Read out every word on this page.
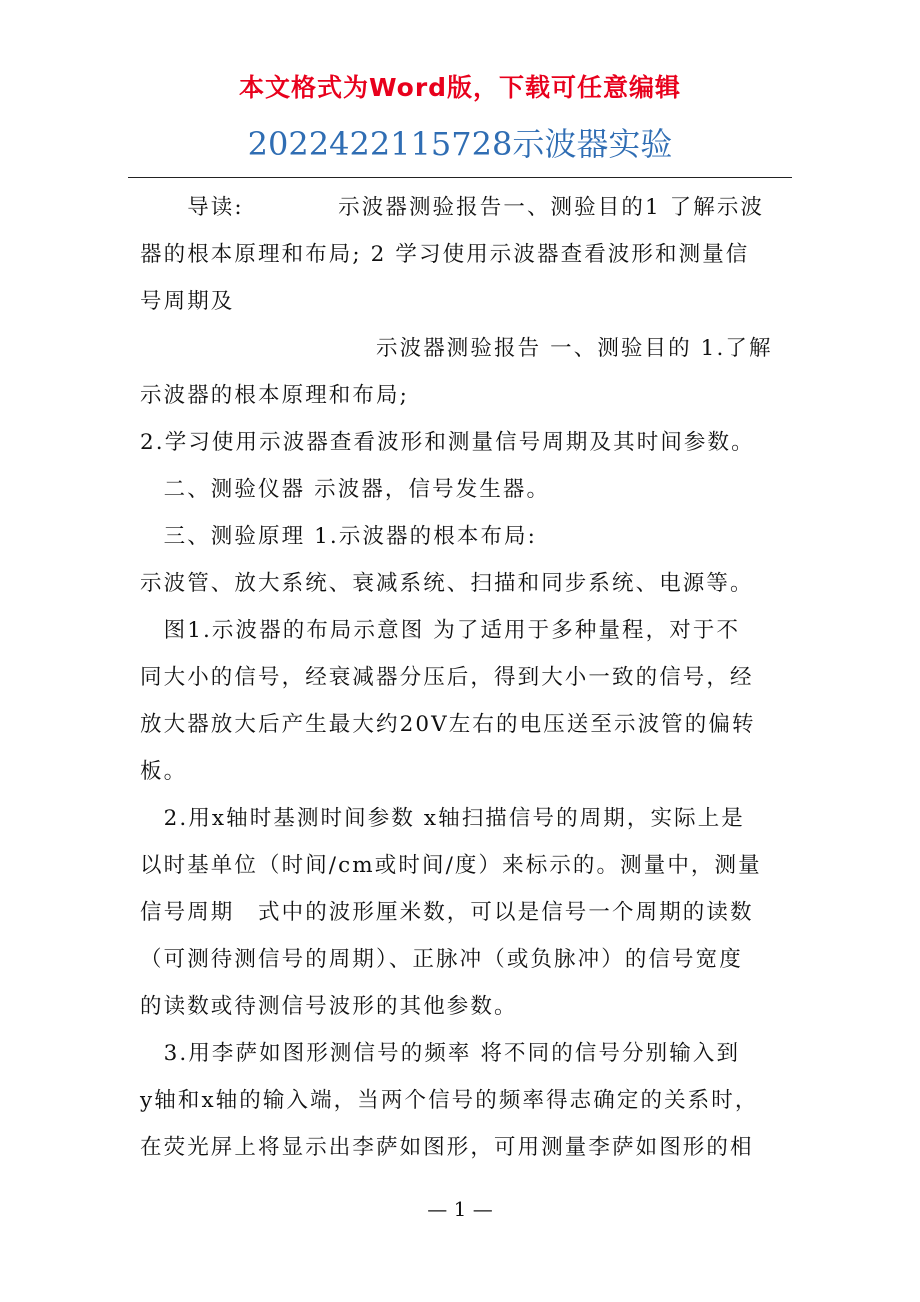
本文格式为Word版，下载可任意编辑
2022422115728示波器实验

　　导读:　　　　示波器测验报告一、测验目的1 了解示波
器的根本原理和布局; 2 学习使用示波器查看波形和测量信
号周期及
　　　　　　　　　　示波器测验报告 一、测验目的 1.了解
示波器的根本原理和布局;
2.学习使用示波器查看波形和测量信号周期及其时间参数。
　二、测验仪器 示波器，信号发生器。
　三、测验原理 1.示波器的根本布局:
示波管、放大系统、衰减系统、扫描和同步系统、电源等。
　图1.示波器的布局示意图 为了适用于多种量程，对于不
同大小的信号，经衰减器分压后，得到大小一致的信号，经
放大器放大后产生最大约20V左右的电压送至示波管的偏转
板。
　2.用x轴时基测时间参数 x轴扫描信号的周期，实际上是
以时基单位（时间/cm或时间/度）来标示的。测量中，测量
信号周期　式中的波形厘米数，可以是信号一个周期的读数
（可测待测信号的周期）、正脉冲（或负脉冲）的信号宽度
的读数或待测信号波形的其他参数。
　3.用李萨如图形测信号的频率 将不同的信号分别输入到
y轴和x轴的输入端，当两个信号的频率得志确定的关系时，
在荧光屏上将显示出李萨如图形，可用测量李萨如图形的相

— 1 —
